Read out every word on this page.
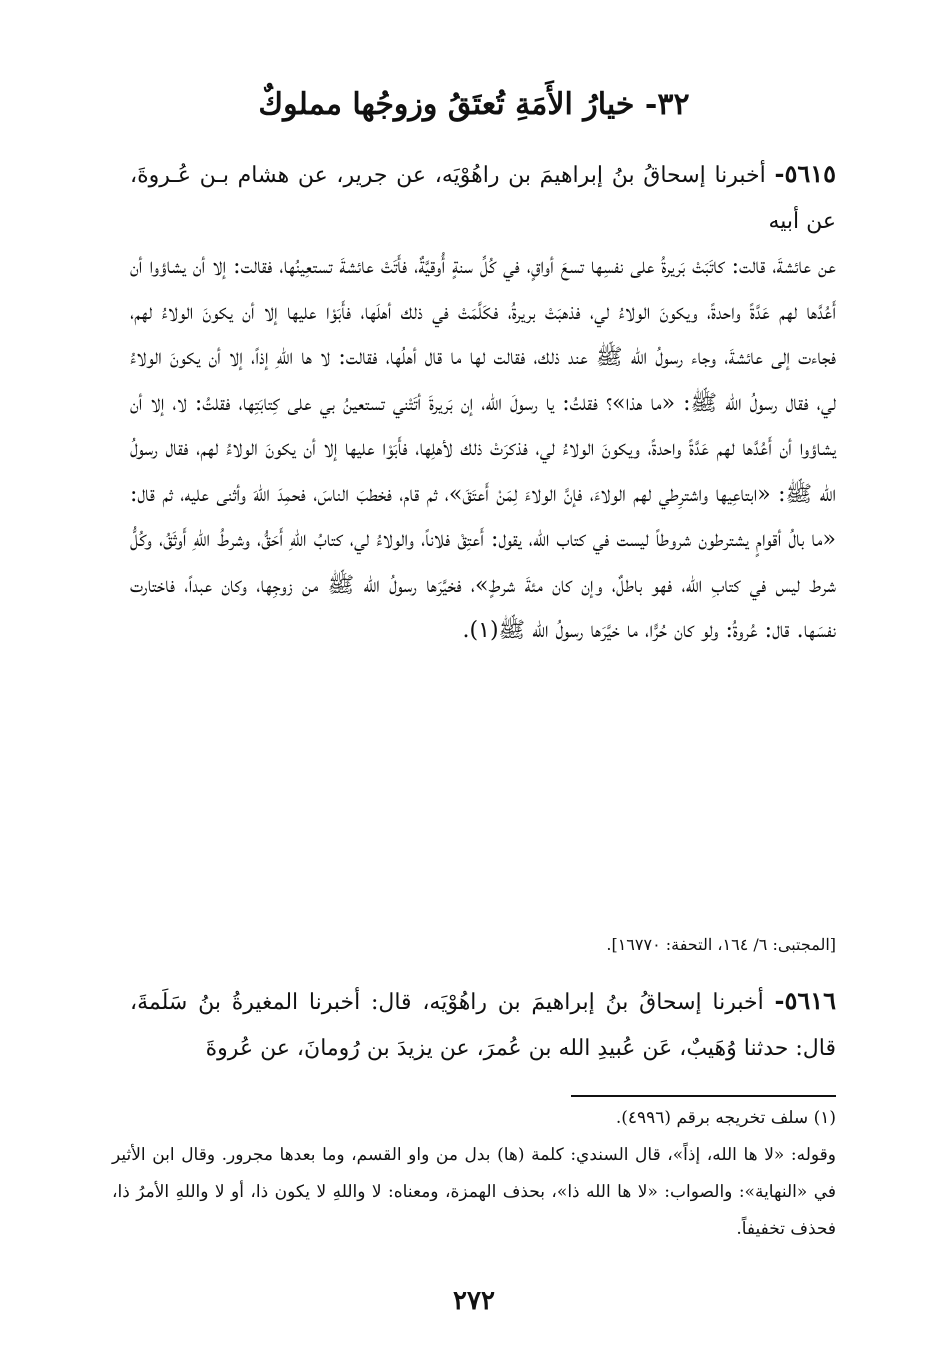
٣٢- خيارُ الأَمَةِ تُعتَقُ وزوجُها مملوكٌ

٥٦١٥- أخبرنا إسحاقُ بنُ إبراهيمَ بن راهُوْيَه، عن جرير، عن هشام بـن عُـروةَ، عن أبيه
عن عائشةَ، قالت: كاتَبَتْ بَريرةُ على نفسِها تسعَ أواقٍ، في كُلِّ سنةٍ أُوقيَّةٌ، فأَتَتْ عائشةَ تستعِينُها، فقالت: إلا أن يشاؤوا أن أَعُدَّها لهم عَدَّةً واحدةً، ويكونَ الولاءُ لي، فذهبَتْ بريرةُ، فكَلَّمَتْ في ذلك أهلَها، فأَبَوْا عليها إلا أن يكونَ الولاءُ لهم، فجاءت إلى عائشةَ، وجاء رسولُ الله ﷺ عند ذلك، فقالت لها ما قال أهلُها، فقالت: لا ها اللهِ إذاً، إلا أن يكونَ الولاءُ لي، فقال رسولُ الله ﷺ: «ما هذا»؟ فقلتُ: يا رسولَ الله، إن بَريرةَ أتَتْني تستعينُ بي على كِتابَتِها، فقلتُ: لا، إلا أن يشاؤوا أن أَعُدَّها لهم عَدَّةً واحدةً، ويكونَ الولاءُ لي، فذكرَتْ ذلك لأهلِها، فأَبَوْا عليها إلا أن يكونَ الولاءُ لهم، فقال رسولُ الله ﷺ: «ابتاعِيها واشترِطي لهم الولاءَ، فإنَّ الولاءَ لِمَنْ أَعتَقَ»، ثم قام، فخطبَ الناسَ، فحمِدَ اللهَ وأثنى عليه، ثم قال: «ما بالُ أقوامٍ يشترطون شروطاً ليست في كتاب الله، يقول: أَعتِقْ فلاناً، والولاءُ لي، كتابُ اللهِ أَحَقُّ، وشرطُ اللهِ أَوثَقُ، وكُلُّ شرط ليس في كتابِ الله، فهو باطلٌ، وإن كان مئةَ شرطٍ»، فخيَّرَها رسولُ الله ﷺ من زوجِها، وكان عبداً، فاختارت نفسَها. قال: عُروةُ: ولو كان حُرًّا، ما خيَّرَها رسولُ الله ﷺ(١).

[المجتبى: ٦/ ١٦٤، التحفة: ١٦٧٧٠].

٥٦١٦- أخبرنا إسحاقُ بنُ إبراهيمَ بن راهُوْيَه، قال: أخبرنا المغيرةُ بنُ سَلَمةَ، قال: حدثنا وُهَيبٌ، عَن عُبيدِ الله بن عُمرَ، عن يزيدَ بن رُومانَ، عن عُروةَ

(١) سلف تخريجه برقم (٤٩٩٦).

وقوله: «لا ها الله، إذاً»، قال السندي: كلمة (ها) بدل من واو القسم، وما بعدها مجرور. وقال ابن الأثير في «النهاية»: والصواب: «لا ها الله ذا»، بحذف الهمزة، ومعناه: لا واللهِ لا يكون ذا، أو لا واللهِ الأمرُ ذا، فحذف تخفيفاً.

٢٧٢
